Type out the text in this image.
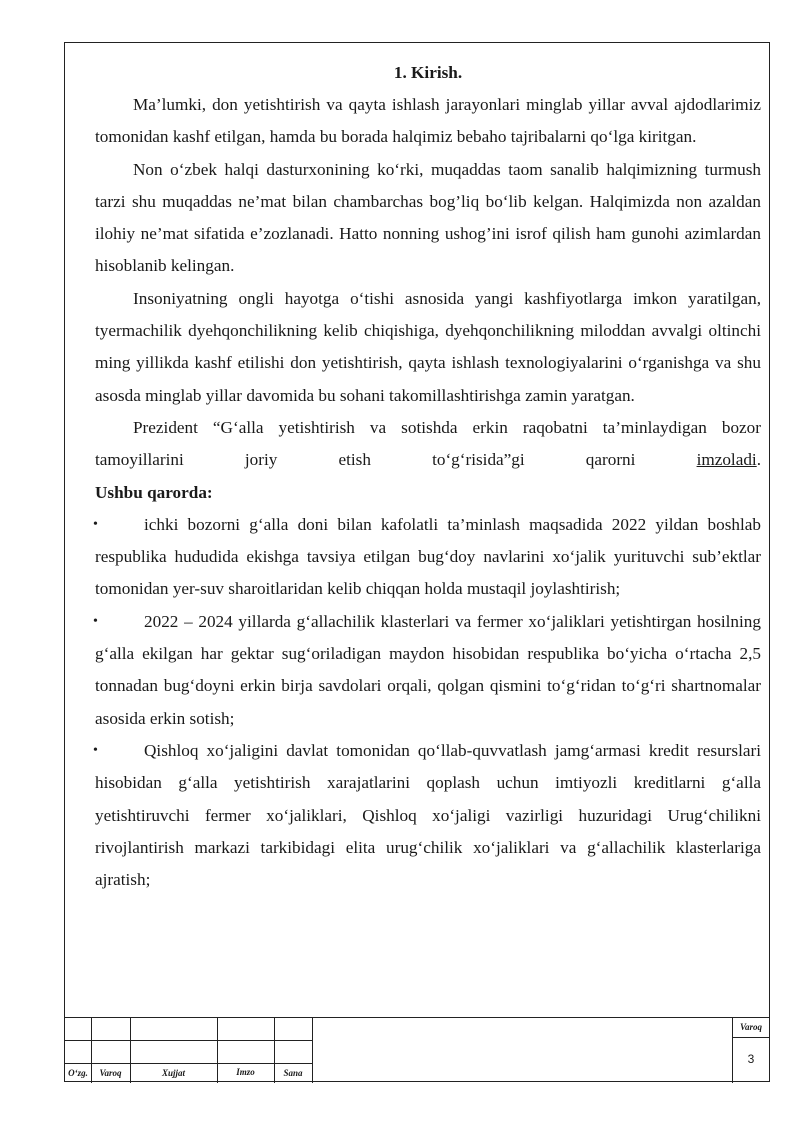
1. Kirish.

Ma’lumki, don yetishtirish va qayta ishlash jarayonlari minglab yillar avval ajdodlarimiz tomonidan kashf etilgan, hamda bu borada halqimiz bebaho tajribalarni qo‘lga kiritgan.

Non o‘zbek halqi dasturxonining ko‘rki, muqaddas taom sanalib halqimizning turmush tarzi shu muqaddas ne’mat bilan chambarchas bog’liq bo‘lib kelgan. Halqimizda non azaldan ilohiy ne’mat sifatida e’zozlanadi. Hatto nonning ushog’ini isrof qilish ham gunohi azimlardan hisoblanib kelingan.

Insoniyatning ongli hayotga o‘tishi asnosida yangi kashfiyotlarga imkon yaratilgan, tyermachilik dyehqonchilikning kelib chiqishiga, dyehqonchilikning miloddan avvalgi oltinchi ming yillikda kashf etilishi don yetishtirish, qayta ishlash texnologiyalarini o‘rganishga va shu asosda minglab yillar davomida bu sohani takomillashtirishga zamin yaratgan.

Prezident “G‘alla yetishtirish va sotishda erkin raqobatni ta’minlaydigan bozor tamoyillarini joriy etish to‘g‘risida”gi qarorni	imzoladi.

Ushbu qarorda:

•	ichki bozorni g‘alla doni bilan kafolatli ta’minlash maqsadida 2022 yildan boshlab respublika hududida ekishga tavsiya etilgan bug‘doy navlarini xo‘jalik yurituvchi sub’ektlar tomonidan yer-suv sharoitlaridan kelib chiqqan holda mustaqil joylashtirish;

•	2022 – 2024 yillarda g‘allachilik klasterlari va fermer xo‘jaliklari yetishtirgan hosilning g‘alla ekilgan har gektar sug‘oriladigan maydon hisobidan respublika bo‘yicha o‘rtacha 2,5 tonnadan bug‘doyni erkin birja savdolari orqali, qolgan qismini to‘g‘ridan to‘g‘ri shartnomalar asosida erkin sotish;

•	Qishloq xo‘jaligini davlat tomonidan qo‘llab-quvvatlash jamg‘armasi kredit resurslari hisobidan g‘alla yetishtirish xarajatlarini qoplash uchun imtiyozli kreditlarni g‘alla yetishtiruvchi fermer xo‘jaliklari, Qishloq xo‘jaligi vazirligi huzuridagi Urug‘chilikni rivojlantirish markazi tarkibidagi elita urug‘chilik xo‘jaliklari va g‘allachilik klasterlariga ajratish;

O‘zg.	Varoq	Xujjat	Imzo	Sana
Varoq
3
